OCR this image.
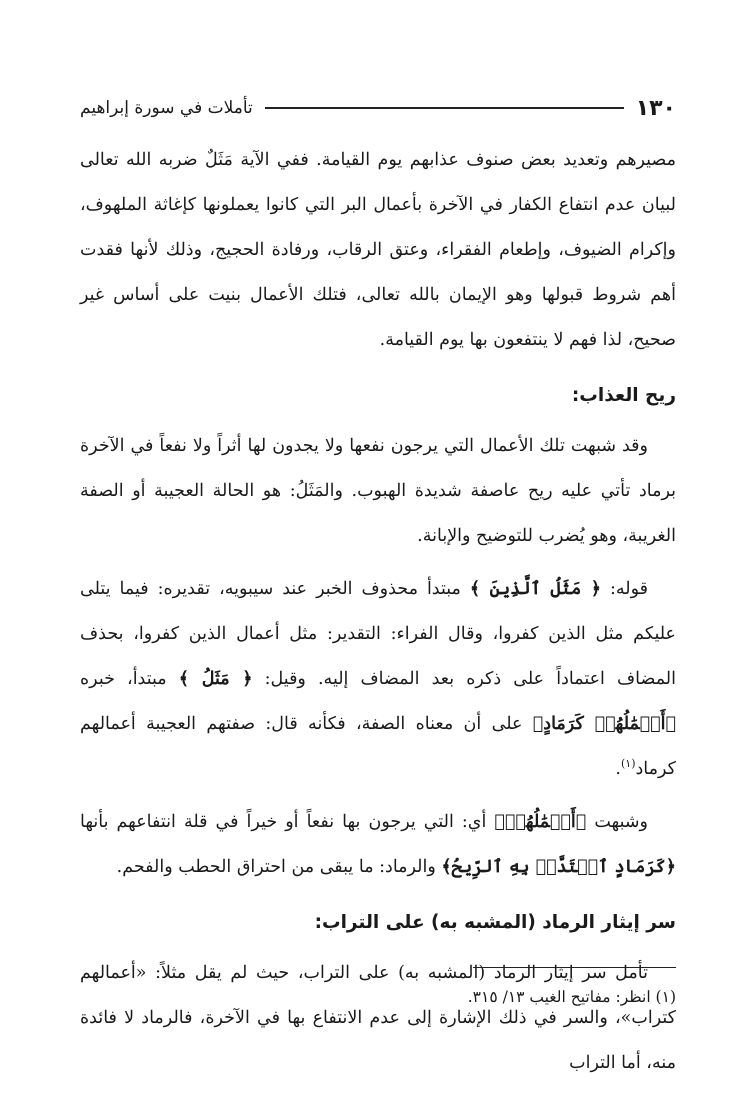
١٣٠
تأملات في سورة إبراهيم

مصيرهم وتعديد بعض صنوف عذابهم يوم القيامة. ففي الآية مَثَلٌ ضربه الله تعالى لبيان عدم انتفاع الكفار في الآخرة بأعمال البر التي كانوا يعملونها كإغاثة الملهوف، وإكرام الضيوف، وإطعام الفقراء، وعتق الرقاب، ورفادة الحجيج، وذلك لأنها فقدت أهم شروط قبولها وهو الإيمان بالله تعالى، فتلك الأعمال بنيت على أساس غير صحيح، لذا فهم لا ينتفعون بها يوم القيامة.

ريح العذاب:

وقد شبهت تلك الأعمال التي يرجون نفعها ولا يجدون لها أثراً ولا نفعاً في الآخرة برماد تأتي عليه ريح عاصفة شديدة الهبوب. والمَثَلُ: هو الحالة العجيبة أو الصفة الغريبة، وهو يُضرب للتوضيح والإبانة.

قوله: ﴿ مَثَلُ ٱلَّذِينَ ﴾ مبتدأ محذوف الخبر عند سيبويه، تقديره: فيما يتلى عليكم مثل الذين كفروا، وقال الفراء: التقدير: مثل أعمال الذين كفروا، بحذف المضاف اعتماداً على ذكره بعد المضاف إليه. وقيل: ﴿ مَثَلُ ﴾ مبتدأ، خبره ﴿أَعۡمَٰلُهُمۡ كَرَمَادٍ﴾ على أن معناه الصفة، فكأنه قال: صفتهم العجيبة أعمالهم كرماد$^{(١)}$.

وشبهت ﴿أَعۡمَٰلُهُمۡ﴾ أي: التي يرجون بها نفعاً أو خيراً في قلة انتفاعهم بأنها ﴿كَرَمَادٍ ٱشۡتَدَّتۡ بِهِ ٱلرِّيحُ﴾ والرماد: ما يبقى من احتراق الحطب والفحم.

سر إيثار الرماد (المشبه به) على التراب:

تأمل سر إيثار الرماد (المشبه به) على التراب، حيث لم يقل مثلاً: «أعمالهم كتراب»، والسر في ذلك الإشارة إلى عدم الانتفاع بها في الآخرة، فالرماد لا فائدة منه، أما التراب

(١) انظر: مفاتيح الغيب ١٣/ ٣١٥.
